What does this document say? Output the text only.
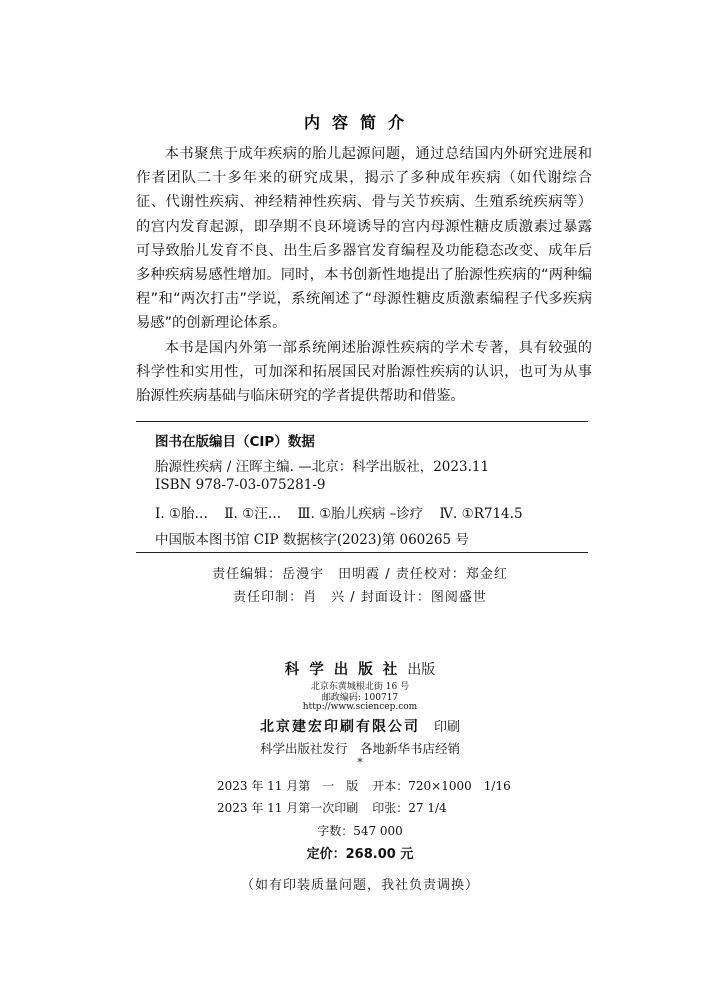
内容简介

本书聚焦于成年疾病的胎儿起源问题，通过总结国内外研究进展和作者团队二十多年来的研究成果，揭示了多种成年疾病（如代谢综合征、代谢性疾病、神经精神性疾病、骨与关节疾病、生殖系统疾病等）的宫内发育起源，即孕期不良环境诱导的宫内母源性糖皮质激素过暴露可导致胎儿发育不良、出生后多器官发育编程及功能稳态改变、成年后多种疾病易感性增加。同时，本书创新性地提出了胎源性疾病的“两种编程”和“两次打击”学说，系统阐述了“母源性糖皮质激素编程子代多疾病易感”的创新理论体系。

本书是国内外第一部系统阐述胎源性疾病的学术专著，具有较强的科学性和实用性，可加深和拓展国民对胎源性疾病的认识，也可为从事胎源性疾病基础与临床研究的学者提供帮助和借鉴。

图书在版编目（CIP）数据
胎源性疾病 / 汪晖主编. —北京：科学出版社，2023.11
ISBN 978-7-03-075281-9
Ⅰ. ①胎… Ⅱ. ①汪… Ⅲ. ①胎儿疾病 –诊疗 Ⅳ. ①R714.5
中国版本图书馆 CIP 数据核字(2023)第 060265 号
责任编辑：岳漫宇　田明霞 / 责任校对：郑金红
责任印制：肖　兴 / 封面设计：图阅盛世
科学出版社出版
北京东黄城根北街 16 号
邮政编码: 100717
http://www.sciencep.com
北京建宏印刷有限公司 印刷
科学出版社发行　各地新华书店经销
*
2023 年 11 月第　一　版 开本：720×1000　1/16
2023 年 11 月第一次印刷 印张：27 1/4
字数：547 000
定价：268.00 元
（如有印装质量问题，我社负责调换）
